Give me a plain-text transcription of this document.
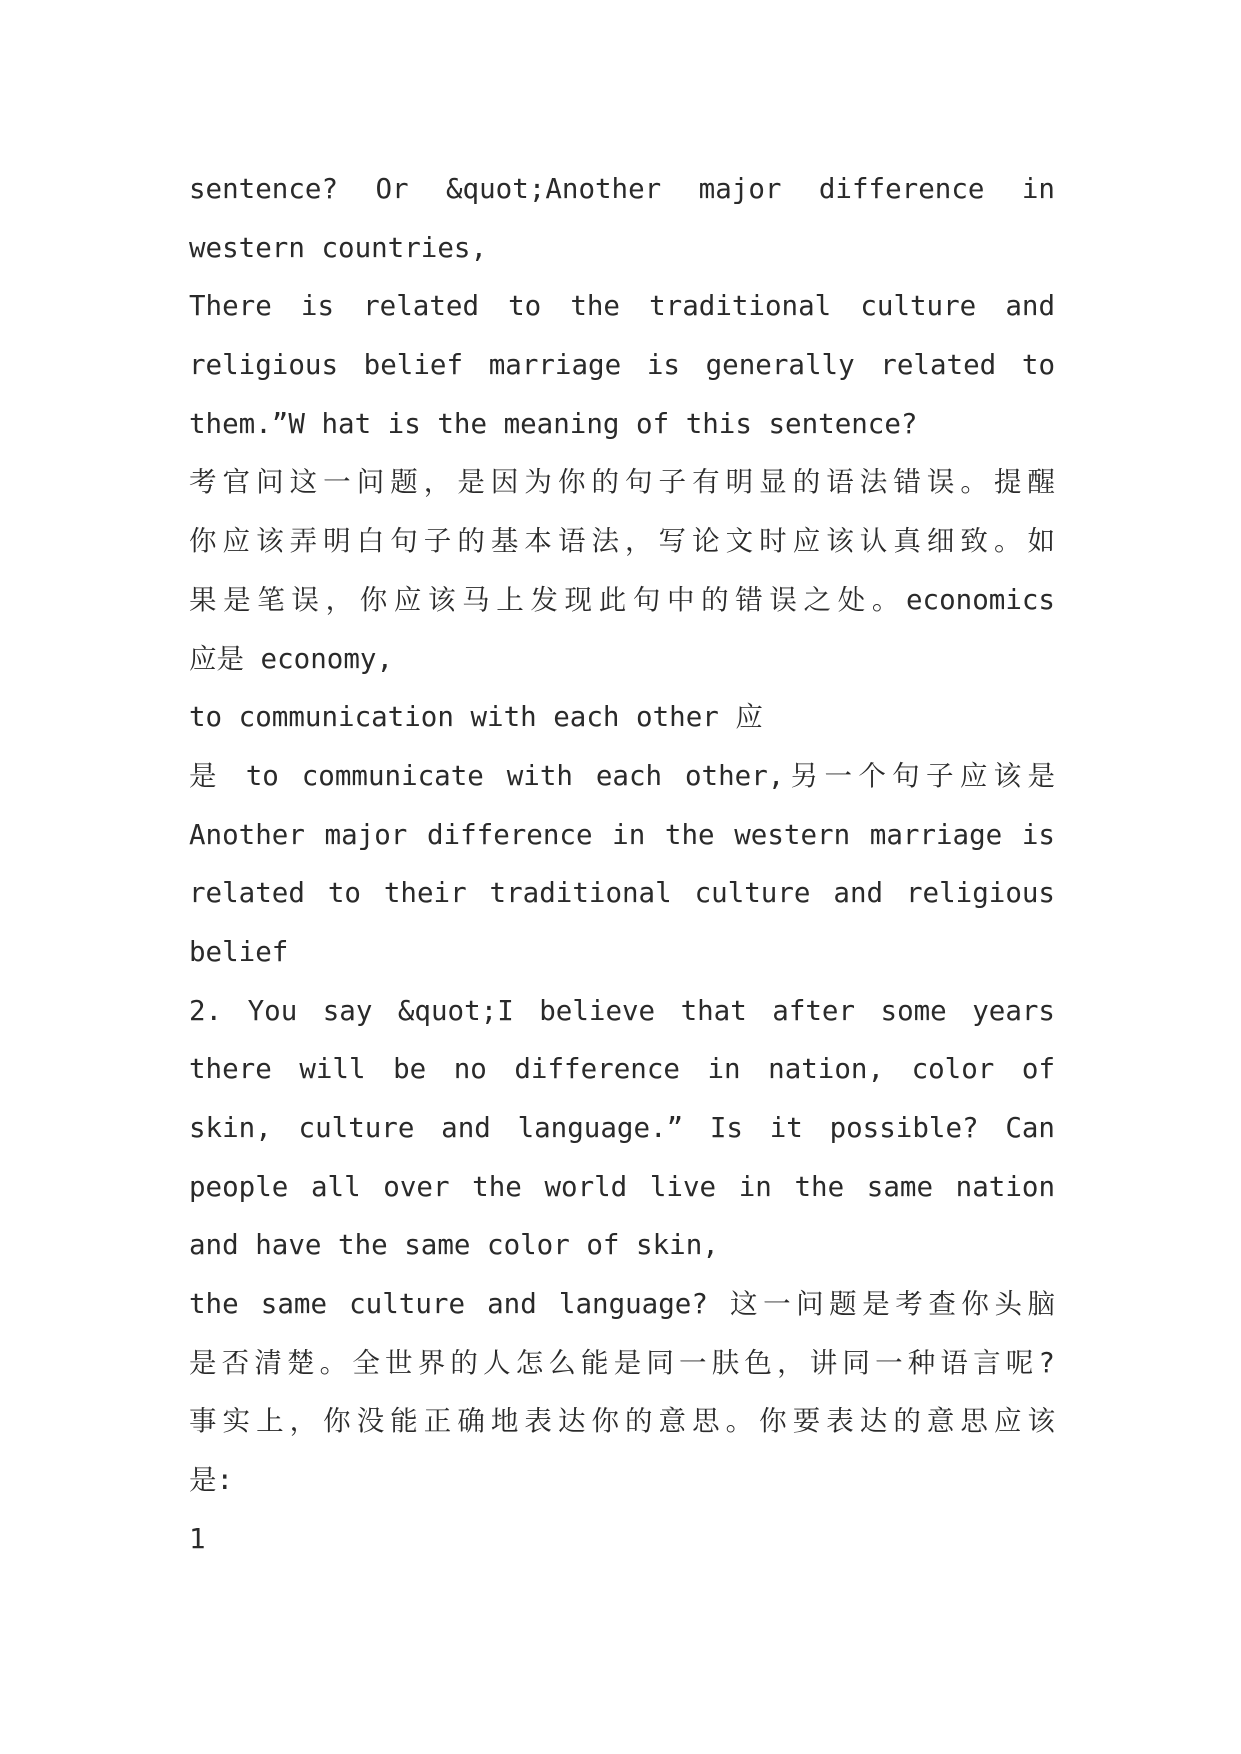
sentence? Or &quot;Another major difference in
western countries,
There is related to the traditional culture and
religious belief marriage is generally related to
them.”W hat is the meaning of this sentence?
考官问这一问题，是因为你的句子有明显的语法错误。提醒
你应该弄明白句子的基本语法，写论文时应该认真细致。如
果是笔误，你应该马上发现此句中的错误之处。economics
应是 economy,
to communication with each other 应
是 to communicate with each other,另一个句子应该是
Another major difference in the western marriage is
related to their traditional culture and religious
belief
2. You say &quot;I believe that after some years
there will be no difference in nation, color of
skin, culture and language.” Is it possible? Can
people all over the world live in the same nation
and have the same color of skin,
the same culture and language? 这一问题是考查你头脑
是否清楚。全世界的人怎么能是同一肤色，讲同一种语言呢?
事实上，你没能正确地表达你的意思。你要表达的意思应该
是:
1
